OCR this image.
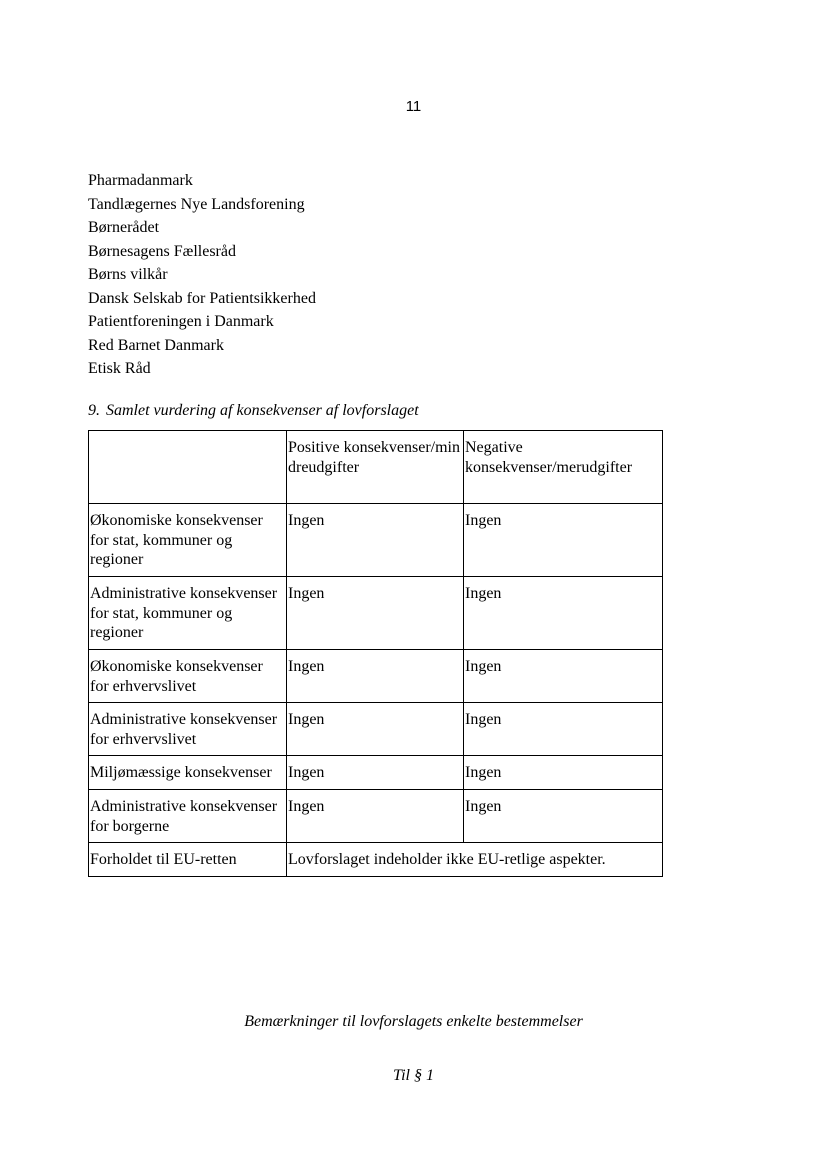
11
Pharmadanmark
Tandlægernes Nye Landsforening
Børnerådet
Børnesagens Fællesråd
Børns vilkår
Dansk Selskab for Patientsikkerhed
Patientforeningen i Danmark
Red Barnet Danmark
Etisk Råd
9. Samlet vurdering af konsekvenser af lovforslaget
	Positive konsekvenser/mindreudgifter	Negative konsekvenser/merudgifter
Økonomiske konsekvenser for stat, kommuner og regioner	Ingen	Ingen
Administrative konsekvenser for stat, kommuner og regioner	Ingen	Ingen
Økonomiske konsekvenser for erhvervslivet	Ingen	Ingen
Administrative konsekvenser for erhvervslivet	Ingen	Ingen
Miljømæssige konsekvenser	Ingen	Ingen
Administrative konsekvenser for borgerne	Ingen	Ingen
Forholdet til EU-retten	Lovforslaget indeholder ikke EU-retlige aspekter.	

Bemærkninger til lovforslagets enkelte bestemmelser

Til § 1
